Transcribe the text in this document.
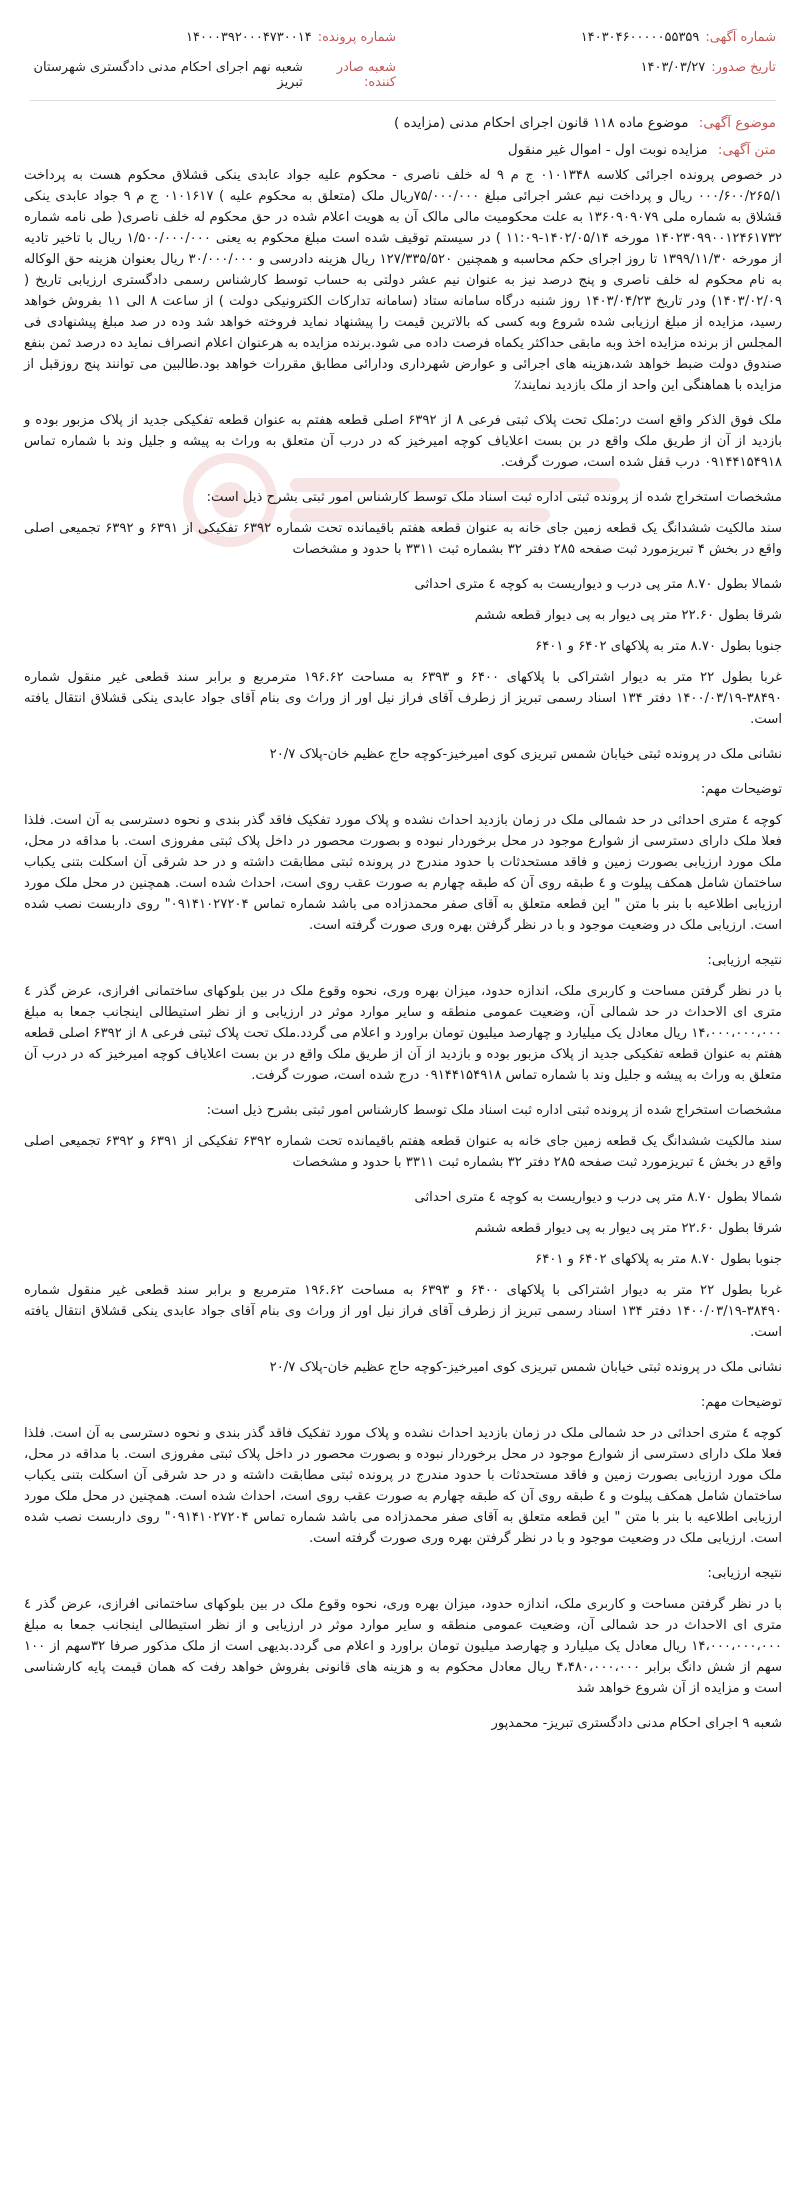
شماره آگهی:
۱۴۰۳۰۴۶۰۰۰۰۰۵۵۳۵۹
شماره پرونده:
۱۴۰۰۰۳۹۲۰۰۰۴۷۳۰۰۱۴
تاریخ صدور:
۱۴۰۳/۰۳/۲۷
شعبه صادر کننده:
شعبه نهم اجرای احکام مدنی دادگستری شهرستان تبریز
موضوع آگهی: موضوع ماده ۱۱۸ قانون اجرای احکام مدنی (مزایده )
متن آگهی: مزایده نوبت اول - اموال غیر منقول

در خصوص پرونده اجرائی کلاسه ۰۱۰۱۳۴۸ ج م ۹ له خلف ناصری - محکوم علیه جواد عابدی ینکی قشلاق محکوم هست به پرداخت ۰۰۰/۶۰۰/۲۶۵/۱ ریال و پرداخت نیم عشر اجرائی مبلغ ۷۵/۰۰۰/۰۰۰ریال ملک (متعلق به محکوم علیه ) ۰۱۰۱۶۱۷ ج م ۹ جواد عابدی ینکی قشلاق به شماره ملی ۱۳۶۰۹۰۹۰۷۹ به علت محکومیت مالی مالک آن به هویت اعلام شده در حق محکوم له خلف ناصری( طی نامه شماره ۱۴۰۲۳۰۹۹۰۰۱۲۴۶۱۷۳۲ مورخه ۱۴۰۲/۰۵/۱۴-۱۱:۰۹ ) در سیستم توقیف شده است مبلغ محکوم به یعنی ۱/۵۰۰/۰۰۰/۰۰۰ ریال با تاخیر تادیه از مورخه ۱۳۹۹/۱۱/۳۰ تا روز اجرای حکم محاسبه و همچنین ۱۲۷/۳۳۵/۵۲۰ ریال هزینه دادرسی و ۳۰/۰۰۰/۰۰۰ ریال بعنوان هزینه حق الوکاله به نام محکوم له خلف ناصری و پنج درصد نیز به عنوان نیم عشر دولتی به حساب توسط کارشناس رسمی دادگستری ارزیابی تاریخ ( ۱۴۰۳/۰۲/۰۹) ودر تاریخ ۱۴۰۳/۰۴/۲۳ روز شنبه درگاه سامانه ستاد (سامانه تدارکات الکترونیکی دولت ) از ساعت ۸ الی ۱۱ بفروش خواهد رسید، مزایده از مبلغ ارزیابی شده شروع وبه کسی که بالاترین قیمت را پیشنهاد نماید فروخته خواهد شد وده در صد مبلغ پیشنهادی فی المجلس از برنده مزایده اخذ وبه مابقی حداکثر یکماه فرصت داده می شود.برنده مزایده به هرعنوان اعلام انصراف نماید ده درصد ثمن بنفع صندوق دولت ضبط خواهد شد،هزینه های اجرائی و عوارض شهرداری ودارائی مطابق مقررات خواهد بود.طالبین می توانند پنج روزقبل از مزایده با هماهنگی این واحد از ملک بازدید نمایند٪

ملک فوق الذکر واقع است در:ملک تحت پلاک ثبتی فرعی ۸ از ۶۳۹۲ اصلی قطعه هفتم به عنوان قطعه تفکیکی جدید از پلاک مزبور بوده و بازدید از آن از طریق ملک واقع در بن بست اعلایاف کوچه امیرخیز که در درب آن متعلق به وراث به پیشه و جلیل وند با شماره تماس ۰۹۱۴۴۱۵۴۹۱۸ درب قفل شده است، صورت گرفت.

مشخصات استخراج شده از پرونده ثبتی اداره ثبت اسناد ملک توسط کارشناس امور ثبتی بشرح ذیل است:

سند مالکیت ششدانگ یک قطعه زمین جای خانه به عنوان قطعه هفتم باقیمانده تحت شماره ۶۳۹۲ تفکیکی از ۶۳۹۱ و ۶۳۹۲ تجمیعی اصلی واقع در بخش ۴ تبریزمورد ثبت صفحه ۲۸۵ دفتر ۳۲ بشماره ثبت ۳۳۱۱ با حدود و مشخصات

شمالا بطول ۸.۷۰ متر پی درب و دیواریست به کوچه ٤ متری احداثی

شرقا بطول ۲۲.۶۰ متر پی دیوار به پی دیوار قطعه ششم

جنوبا بطول ۸.۷۰ متر به پلاکهای ۶۴۰۲ و ۶۴۰۱

غربا بطول ۲۲ متر به دیوار اشتراکی با پلاکهای ۶۴۰۰ و ۶۳۹۳ به مساحت ۱۹۶.۶۲ مترمربع و برابر سند قطعی غیر منقول شماره ۳۸۴۹۰-۱۴۰۰/۰۳/۱۹ دفتر ۱۳۴ اسناد رسمی تبریز از زطرف آقای فراز نیل اور از وراث وی بنام آقای جواد عابدی ینکی قشلاق انتقال یافته است.

نشانی ملک در پرونده ثبتی خیابان شمس تبریزی کوی امیرخیز-کوچه حاج عظیم خان-پلاک ۲۰/۷

توضیحات مهم:

کوچه ٤ متری احداثی در حد شمالی ملک در زمان بازدید احداث نشده و پلاک مورد تفکیک فاقد گذر بندی و نحوه دسترسی به آن است. فلذا فعلا ملک دارای دسترسی از شوارع موجود در محل برخوردار نبوده و بصورت محصور در داخل پلاک ثبتی مفروزی است. با مداقه در محل، ملک مورد ارزیابی بصورت زمین و فاقد مستحدثات با حدود مندرج در پرونده ثبتی مطابقت داشته و در حد شرقی آن اسکلت بتنی یکباب ساختمان شامل همکف پیلوت و ٤ طبقه روی آن که طبقه چهارم به صورت عقب روی است، احداث شده است. همچنین در محل ملک مورد ارزیابی اطلاعیه با بنر با متن " این قطعه متعلق به آقای صفر محمدزاده می باشد شماره تماس ۰۹۱۴۱۰۲۷۲۰۴" روی داربست نصب شده است. ارزیابی ملک در وضعیت موجود و با در نظر گرفتن بهره وری صورت گرفته است.

نتیجه ارزیابی:

با در نظر گرفتن مساحت و کاربری ملک، اندازه حدود، میزان بهره وری، نحوه وقوع ملک در بین بلوکهای ساختمانی افرازی، عرض گذر ٤ متری ای الاحداث در حد شمالی آن، وضعیت عمومی منطقه و سایر موارد موثر در ارزیابی و از نظر استیطالی اینجانب جمعا به مبلغ ۱۴،۰۰۰،۰۰۰،۰۰۰ ریال معادل یک میلیارد و چهارصد میلیون تومان براورد و اعلام می گردد.ملک تحت پلاک ثبتی فرعی ۸ از ۶۳۹۲ اصلی قطعه هفتم به عنوان قطعه تفکیکی جدید از پلاک مزبور بوده و بازدید از آن از طریق ملک واقع در بن بست اعلایاف کوچه امیرخیز که در درب آن متعلق به وراث به پیشه و جلیل وند با شماره تماس ۰۹۱۴۴۱۵۴۹۱۸ درج شده است، صورت گرفت.

مشخصات استخراج شده از پرونده ثبتی اداره ثبت اسناد ملک توسط کارشناس امور ثبتی بشرح ذیل است:

سند مالکیت ششدانگ یک قطعه زمین جای خانه به عنوان قطعه هفتم باقیمانده تحت شماره ۶۳۹۲ تفکیکی از ۶۳۹۱ و ۶۳۹۲ تجمیعی اصلی واقع در بخش ٤ تبریزمورد ثبت صفحه ۲۸۵ دفتر ۳۲ بشماره ثبت ۳۳۱۱ با حدود و مشخصات

شمالا بطول ۸.۷۰ متر پی درب و دیواریست به کوچه ٤ متری احداثی

شرقا بطول ۲۲.۶۰ متر پی دیوار به پی دیوار قطعه ششم

جنوبا بطول ۸.۷۰ متر به پلاکهای ۶۴۰۲ و ۶۴۰۱

غربا بطول ۲۲ متر به دیوار اشتراکی با پلاکهای ۶۴۰۰ و ۶۳۹۳ به مساحت ۱۹۶.۶۲ مترمربع و برابر سند قطعی غیر منقول شماره ۳۸۴۹۰-۱۴۰۰/۰۳/۱۹ دفتر ۱۳۴ اسناد رسمی تبریز از زطرف آقای فراز نیل اور از وراث وی بنام آقای جواد عابدی ینکی قشلاق انتقال یافته است.

نشانی ملک در پرونده ثبتی خیابان شمس تبریزی کوی امیرخیز-کوچه حاج عظیم خان-پلاک ۲۰/۷

توضیحات مهم:

کوچه ٤ متری احداثی در حد شمالی ملک در زمان بازدید احداث نشده و پلاک مورد تفکیک فاقد گذر بندی و نحوه دسترسی به آن است. فلذا فعلا ملک دارای دسترسی از شوارع موجود در محل برخوردار نبوده و بصورت محصور در داخل پلاک ثبتی مفروزی است. با مداقه در محل، ملک مورد ارزیابی بصورت زمین و فاقد مستحدثات با حدود مندرج در پرونده ثبتی مطابقت داشته و در حد شرقی آن اسکلت بتنی یکباب ساختمان شامل همکف پیلوت و ٤ طبقه روی آن که طبقه چهارم به صورت عقب روی است، احداث شده است. همچنین در محل ملک مورد ارزیابی اطلاعیه با بنر با متن " این قطعه متعلق به آقای صفر محمدزاده می باشد شماره تماس ۰۹۱۴۱۰۲۷۲۰۴" روی داربست نصب شده است. ارزیابی ملک در وضعیت موجود و با در نظر گرفتن بهره وری صورت گرفته است.

نتیجه ارزیابی:

با در نظر گرفتن مساحت و کاربری ملک، اندازه حدود، میزان بهره وری، نحوه وقوع ملک در بین بلوکهای ساختمانی افرازی، عرض گذر ٤ متری ای الاحداث در حد شمالی آن، وضعیت عمومی منطقه و سایر موارد موثر در ارزیابی و از نظر استیطالی اینجانب جمعا به مبلغ ۱۴،۰۰۰،۰۰۰،۰۰۰ ریال معادل یک میلیارد و چهارصد میلیون تومان براورد و اعلام می گردد.بدیهی است از ملک مذکور صرفا ۳۲سهم از ۱۰۰ سهم از شش دانگ برابر ۴،۴۸۰،۰۰۰،۰۰۰ ریال معادل محکوم به و هزینه های قانونی بفروش خواهد رفت که همان قیمت پایه کارشناسی است و مزایده از آن شروع خواهد شد

شعبه ۹ اجرای احکام مدنی دادگستری تبریز- محمدپور
